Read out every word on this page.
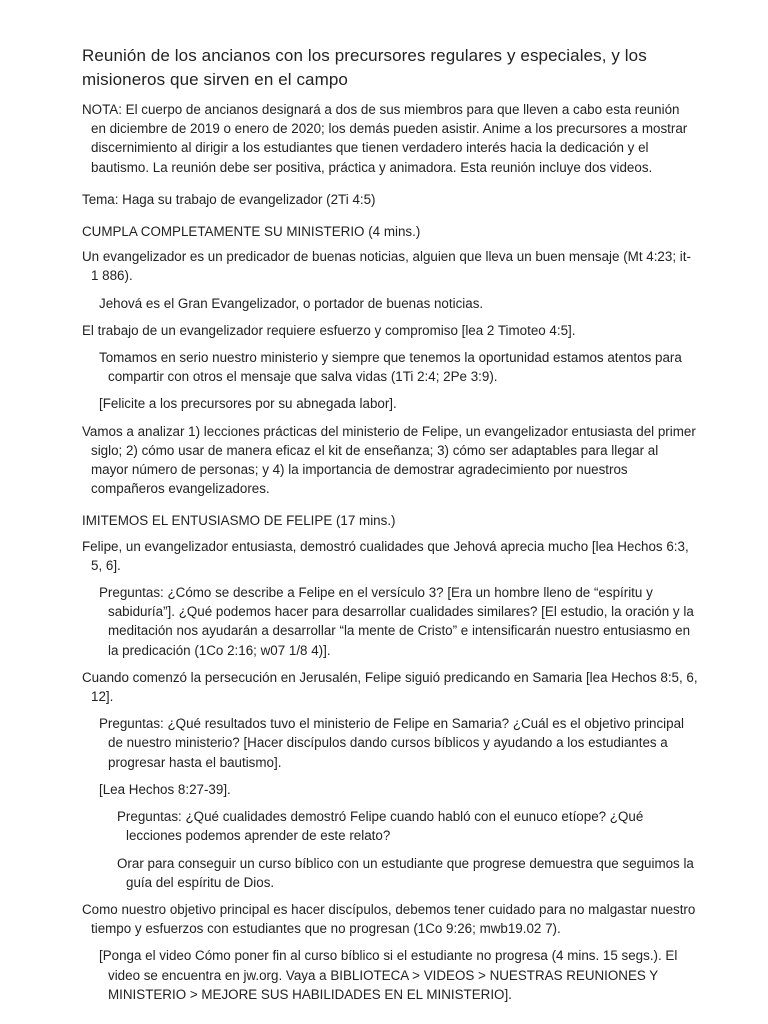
Reunión de los ancianos con los precursores regulares y especiales, y los misioneros que sirven en el campo

NOTA: El cuerpo de ancianos designará a dos de sus miembros para que lleven a cabo esta reunión en diciembre de 2019 o enero de 2020; los demás pueden asistir. Anime a los precursores a mostrar discernimiento al dirigir a los estudiantes que tienen verdadero interés hacia la dedicación y el bautismo. La reunión debe ser positiva, práctica y animadora. Esta reunión incluye dos videos.

Tema: Haga su trabajo de evangelizador (2Ti 4:5)

CUMPLA COMPLETAMENTE SU MINISTERIO (4 mins.)

Un evangelizador es un predicador de buenas noticias, alguien que lleva un buen mensaje (Mt 4:23; it-1 886).

Jehová es el Gran Evangelizador, o portador de buenas noticias.

El trabajo de un evangelizador requiere esfuerzo y compromiso [lea 2 Timoteo 4:5].

Tomamos en serio nuestro ministerio y siempre que tenemos la oportunidad estamos atentos para compartir con otros el mensaje que salva vidas (1Ti 2:4; 2Pe 3:9).

[Felicite a los precursores por su abnegada labor].

Vamos a analizar 1) lecciones prácticas del ministerio de Felipe, un evangelizador entusiasta del primer siglo; 2) cómo usar de manera eficaz el kit de enseñanza; 3) cómo ser adaptables para llegar al mayor número de personas; y 4) la importancia de demostrar agradecimiento por nuestros compañeros evangelizadores.

IMITEMOS EL ENTUSIASMO DE FELIPE (17 mins.)

Felipe, un evangelizador entusiasta, demostró cualidades que Jehová aprecia mucho [lea Hechos 6:3, 5, 6].

Preguntas: ¿Cómo se describe a Felipe en el versículo 3? [Era un hombre lleno de “espíritu y sabiduría”]. ¿Qué podemos hacer para desarrollar cualidades similares? [El estudio, la oración y la meditación nos ayudarán a desarrollar “la mente de Cristo” e intensificarán nuestro entusiasmo en la predicación (1Co 2:16; w07 1/8 4)].

Cuando comenzó la persecución en Jerusalén, Felipe siguió predicando en Samaria [lea Hechos 8:5, 6, 12].

Preguntas: ¿Qué resultados tuvo el ministerio de Felipe en Samaria? ¿Cuál es el objetivo principal de nuestro ministerio? [Hacer discípulos dando cursos bíblicos y ayudando a los estudiantes a progresar hasta el bautismo].

[Lea Hechos 8:27-39].

Preguntas: ¿Qué cualidades demostró Felipe cuando habló con el eunuco etíope? ¿Qué lecciones podemos aprender de este relato?

Orar para conseguir un curso bíblico con un estudiante que progrese demuestra que seguimos la guía del espíritu de Dios.

Como nuestro objetivo principal es hacer discípulos, debemos tener cuidado para no malgastar nuestro tiempo y esfuerzos con estudiantes que no progresan (1Co 9:26; mwb19.02 7).

[Ponga el video Cómo poner fin al curso bíblico si el estudiante no progresa (4 mins. 15 segs.). El video se encuentra en jw.org. Vaya a BIBLIOTECA > VIDEOS > NUESTRAS REUNIONES Y MINISTERIO > MEJORE SUS HABILIDADES EN EL MINISTERIO].
